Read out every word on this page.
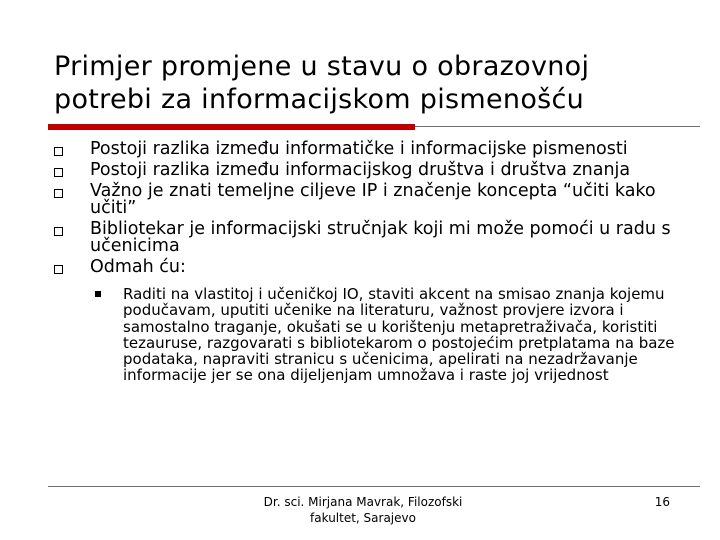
Primjer promjene u stavu o obrazovnoj
potrebi za informacijskom pismenošću
Postoji razlika između informatičke i informacijske pismenosti
Postoji razlika između informacijskog društva i društva znanja
Važno je znati temeljne ciljeve IP i značenje koncepta “učiti kako učiti”
Bibliotekar je informacijski stručnjak koji mi može pomoći u radu s učenicima
Odmah ću:
Raditi na vlastitoj i učeničkoj IO, staviti akcent na smisao znanja kojemu podučavam, uputiti učenike na literaturu, važnost provjere izvora i samostalno traganje, okušati se u korištenju metapretraživača, koristiti tezauruse, razgovarati s bibliotekarom o postojećim pretplatama na baze podataka, napraviti stranicu s učenicima, apelirati na nezadržavanje informacije jer se ona dijeljenjam umnožava i raste joj vrijednost
Dr. sci. Mirjana Mavrak, Filozofski
fakultet, Sarajevo
16
